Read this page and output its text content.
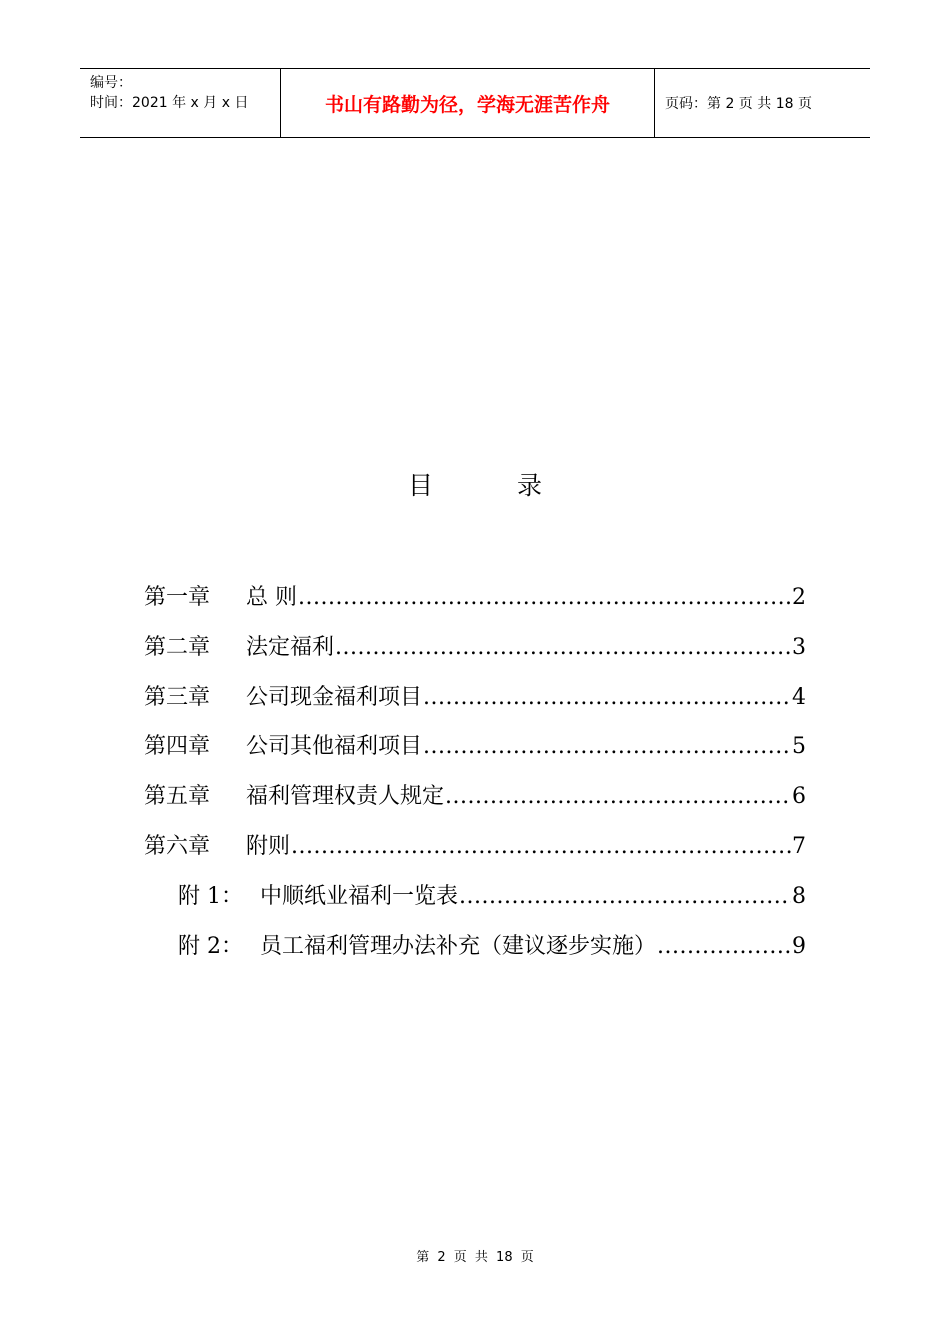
编号：
时间：2021 年 x 月 x 日	书山有路勤为径，学海无涯苦作舟	页码：第 2 页 共 18 页
目	录
第一章 总 则 .....	2
第二章 法定福利 .....	3
第三章 公司现金福利项目 .....	4
第四章 公司其他福利项目 .....	5
第五章 福利管理权责人规定 .....	6
第六章 附则 .....	7
附 1： 中顺纸业福利一览表 .....	8
附 2： 员工福利管理办法补充（建议逐步实施） .....	9
第 2 页 共 18 页
